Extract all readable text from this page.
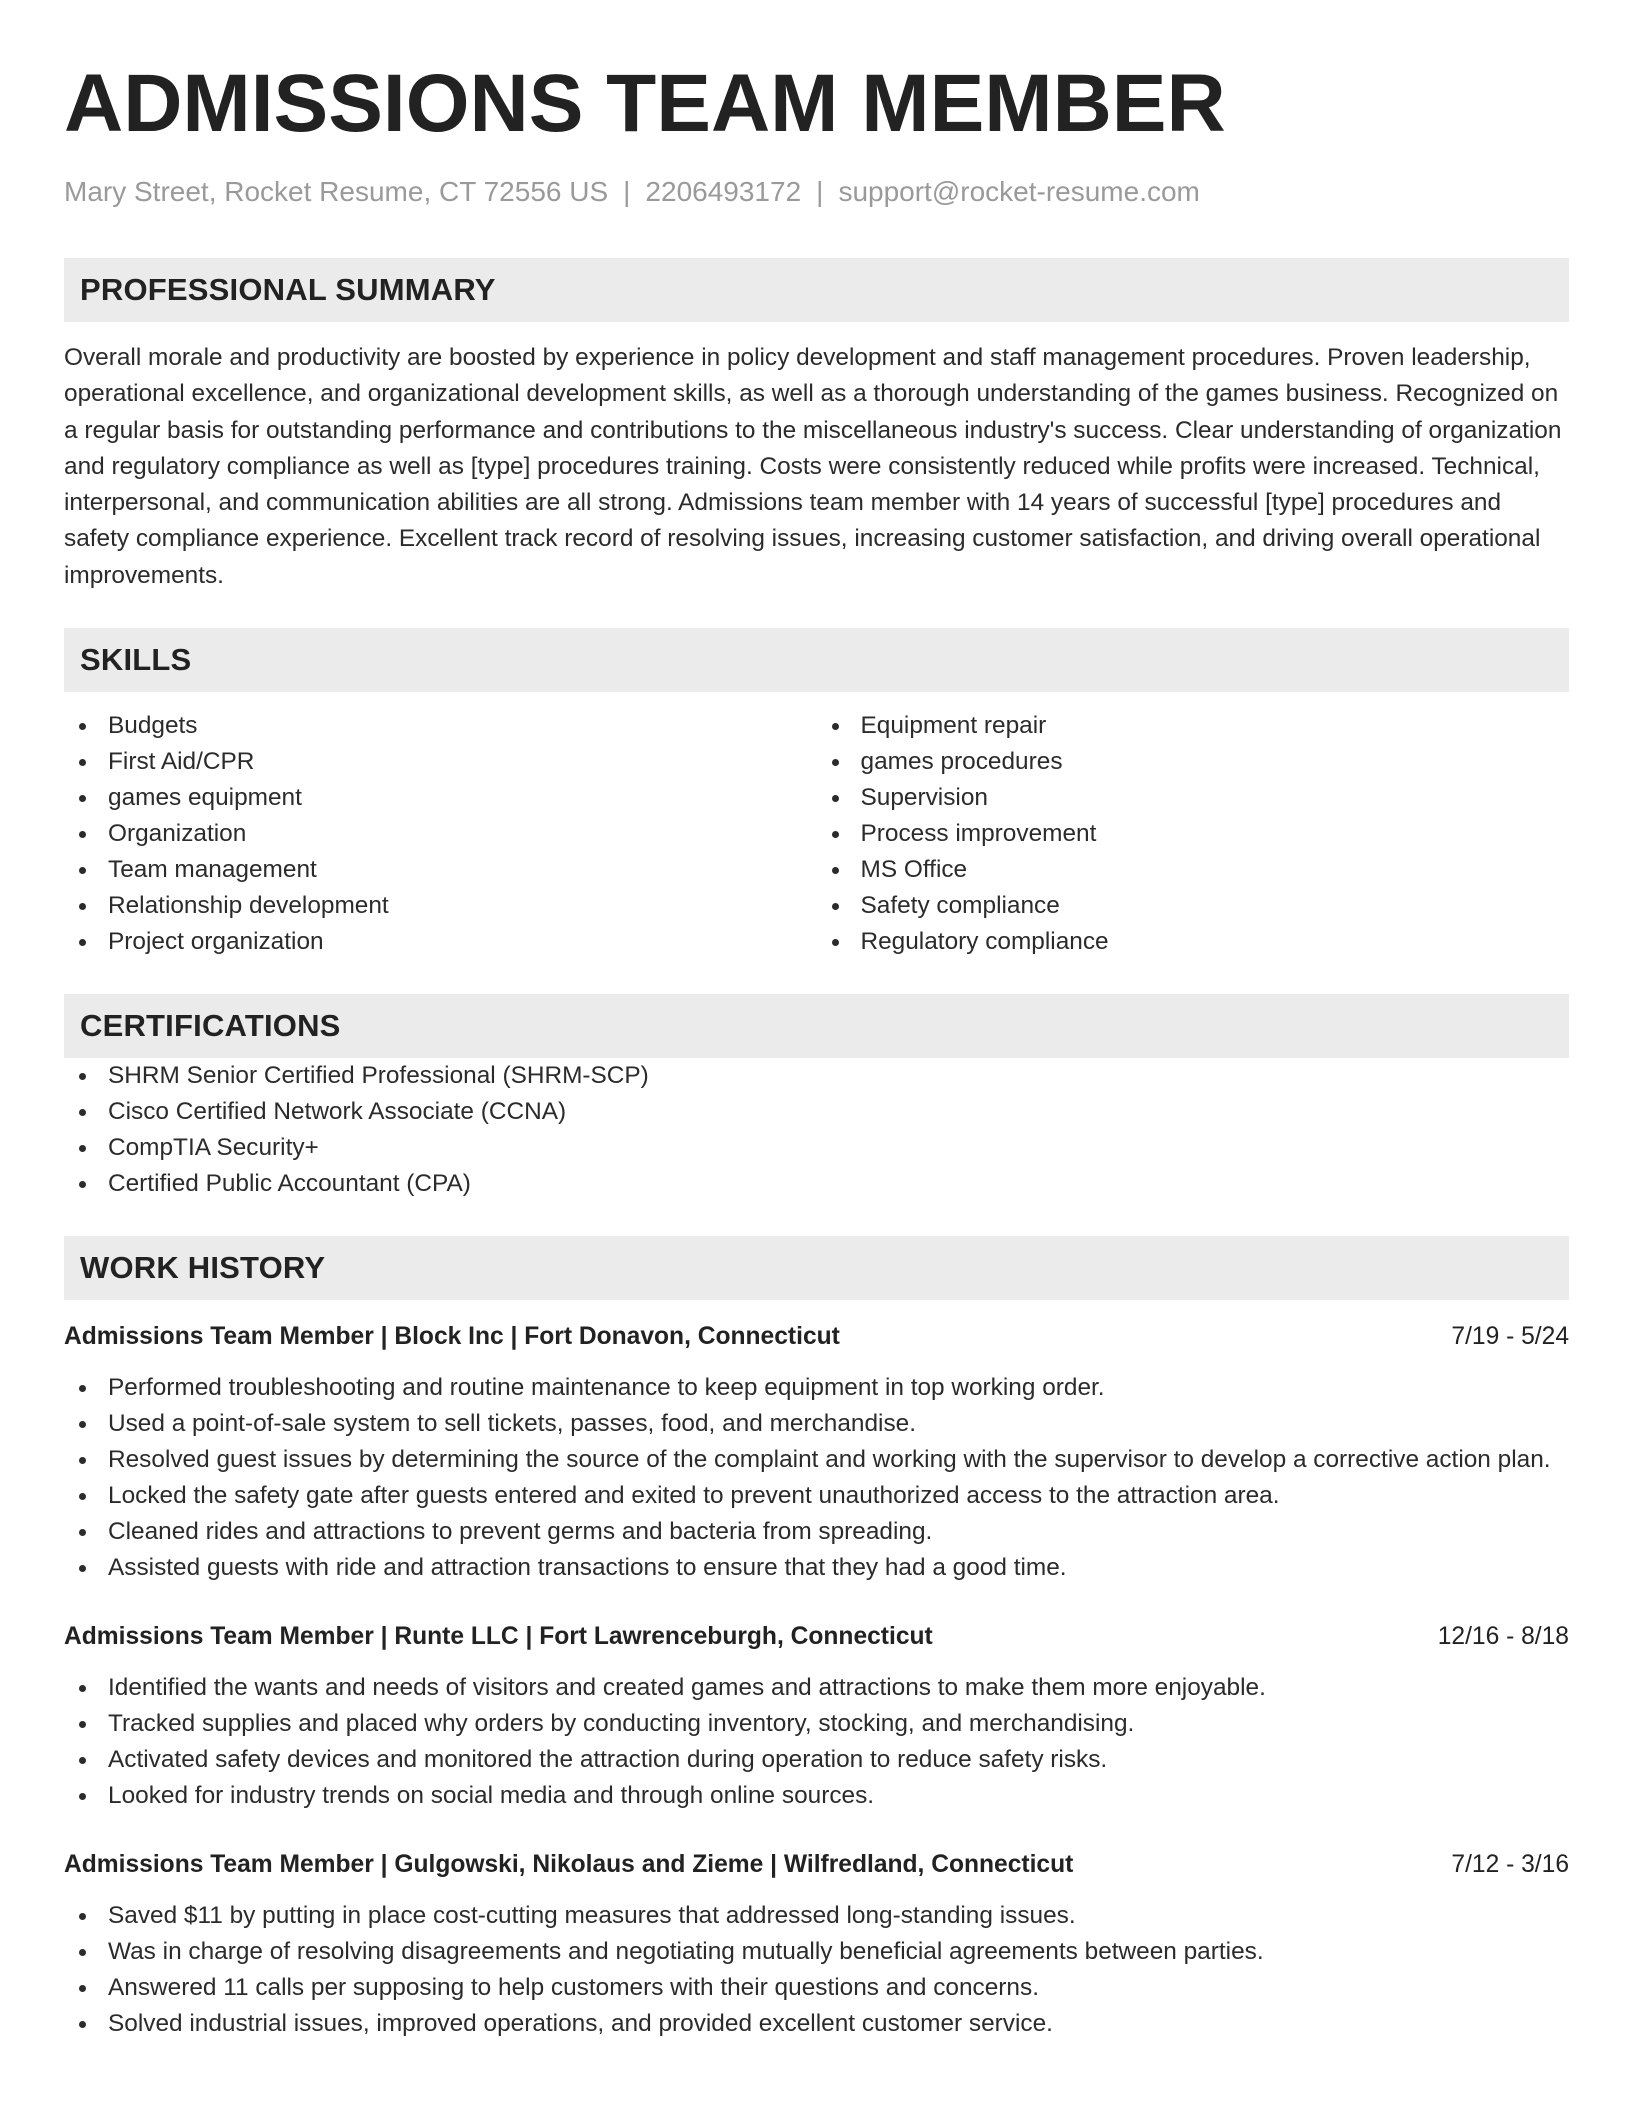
ADMISSIONS TEAM MEMBER
Mary Street, Rocket Resume, CT 72556 US | 2206493172 | support@rocket-resume.com
PROFESSIONAL SUMMARY

Overall morale and productivity are boosted by experience in policy development and staff management procedures. Proven leadership, operational excellence, and organizational development skills, as well as a thorough understanding of the games business. Recognized on a regular basis for outstanding performance and contributions to the miscellaneous industry's success. Clear understanding of organization and regulatory compliance as well as [type] procedures training. Costs were consistently reduced while profits were increased. Technical, interpersonal, and communication abilities are all strong. Admissions team member with 14 years of successful [type] procedures and safety compliance experience. Excellent track record of resolving issues, increasing customer satisfaction, and driving overall operational improvements.

SKILLS
Budgets
First Aid/CPR
games equipment
Organization
Team management
Relationship development
Project organization
Equipment repair
games procedures
Supervision
Process improvement
MS Office
Safety compliance
Regulatory compliance
CERTIFICATIONS
SHRM Senior Certified Professional (SHRM-SCP)
Cisco Certified Network Associate (CCNA)
CompTIA Security+
Certified Public Accountant (CPA)
WORK HISTORY
Admissions Team Member | Block Inc | Fort Donavon, Connecticut	7/19 - 5/24
Performed troubleshooting and routine maintenance to keep equipment in top working order.
Used a point-of-sale system to sell tickets, passes, food, and merchandise.
Resolved guest issues by determining the source of the complaint and working with the supervisor to develop a corrective action plan.
Locked the safety gate after guests entered and exited to prevent unauthorized access to the attraction area.
Cleaned rides and attractions to prevent germs and bacteria from spreading.
Assisted guests with ride and attraction transactions to ensure that they had a good time.
Admissions Team Member | Runte LLC | Fort Lawrenceburgh, Connecticut	12/16 - 8/18
Identified the wants and needs of visitors and created games and attractions to make them more enjoyable.
Tracked supplies and placed why orders by conducting inventory, stocking, and merchandising.
Activated safety devices and monitored the attraction during operation to reduce safety risks.
Looked for industry trends on social media and through online sources.
Admissions Team Member | Gulgowski, Nikolaus and Zieme | Wilfredland, Connecticut	7/12 - 3/16
Saved $11 by putting in place cost-cutting measures that addressed long-standing issues.
Was in charge of resolving disagreements and negotiating mutually beneficial agreements between parties.
Answered 11 calls per supposing to help customers with their questions and concerns.
Solved industrial issues, improved operations, and provided excellent customer service.
